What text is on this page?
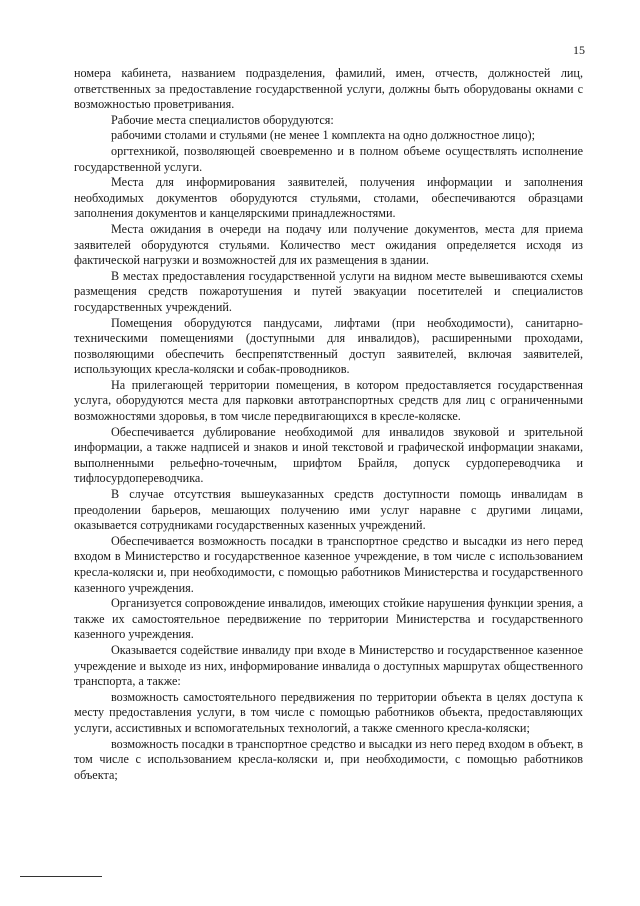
15

номера кабинета, названием подразделения, фамилий, имен, отчеств, должностей лиц, ответственных за предоставление государственной услуги, должны быть оборудованы окнами с возможностью проветривания.

Рабочие места специалистов оборудуются:

рабочими столами и стульями (не менее 1 комплекта на одно должностное лицо);

оргтехникой, позволяющей своевременно и в полном объеме осуществлять исполнение государственной услуги.

Места для информирования заявителей, получения информации и заполнения необходимых документов оборудуются стульями, столами, обеспечиваются образцами заполнения документов и канцелярскими принадлежностями.

Места ожидания в очереди на подачу или получение документов, места для приема заявителей оборудуются стульями. Количество мест ожидания определяется исходя из фактической нагрузки и возможностей для их размещения в здании.

В местах предоставления государственной услуги на видном месте вывешиваются схемы размещения средств пожаротушения и путей эвакуации посетителей и специалистов государственных учреждений.

Помещения оборудуются пандусами, лифтами (при необходимости), санитарно-техническими помещениями (доступными для инвалидов), расширенными проходами, позволяющими обеспечить беспрепятственный доступ заявителей, включая заявителей, использующих кресла-коляски и собак-проводников.

На прилегающей территории помещения, в котором предоставляется государственная услуга, оборудуются места для парковки автотранспортных средств для лиц с ограниченными возможностями здоровья, в том числе передвигающихся в кресле-коляске.

Обеспечивается дублирование необходимой для инвалидов звуковой и зрительной информации, а также надписей и знаков и иной текстовой и графической информации знаками, выполненными рельефно-точечным, шрифтом Брайля, допуск сурдопереводчика и тифлосурдопереводчика.

В случае отсутствия вышеуказанных средств доступности помощь инвалидам в преодолении барьеров, мешающих получению ими услуг наравне с другими лицами, оказывается сотрудниками государственных казенных учреждений.

Обеспечивается возможность посадки в транспортное средство и высадки из него перед входом в Министерство и государственное казенное учреждение, в том числе с использованием кресла-коляски и, при необходимости, с помощью работников Министерства и государственного казенного учреждения.

Организуется сопровождение инвалидов, имеющих стойкие нарушения функции зрения, а также их самостоятельное передвижение по территории Министерства и государственного казенного учреждения.

Оказывается содействие инвалиду при входе в Министерство и государственное казенное учреждение и выходе из них, информирование инвалида о доступных маршрутах общественного транспорта, а также:

возможность самостоятельного передвижения по территории объекта в целях доступа к месту предоставления услуги, в том числе с помощью работников объекта, предоставляющих услуги, ассистивных и вспомогательных технологий, а также сменного кресла-коляски;

возможность посадки в транспортное средство и высадки из него перед входом в объект, в том числе с использованием кресла-коляски и, при необходимости, с помощью работников объекта;
